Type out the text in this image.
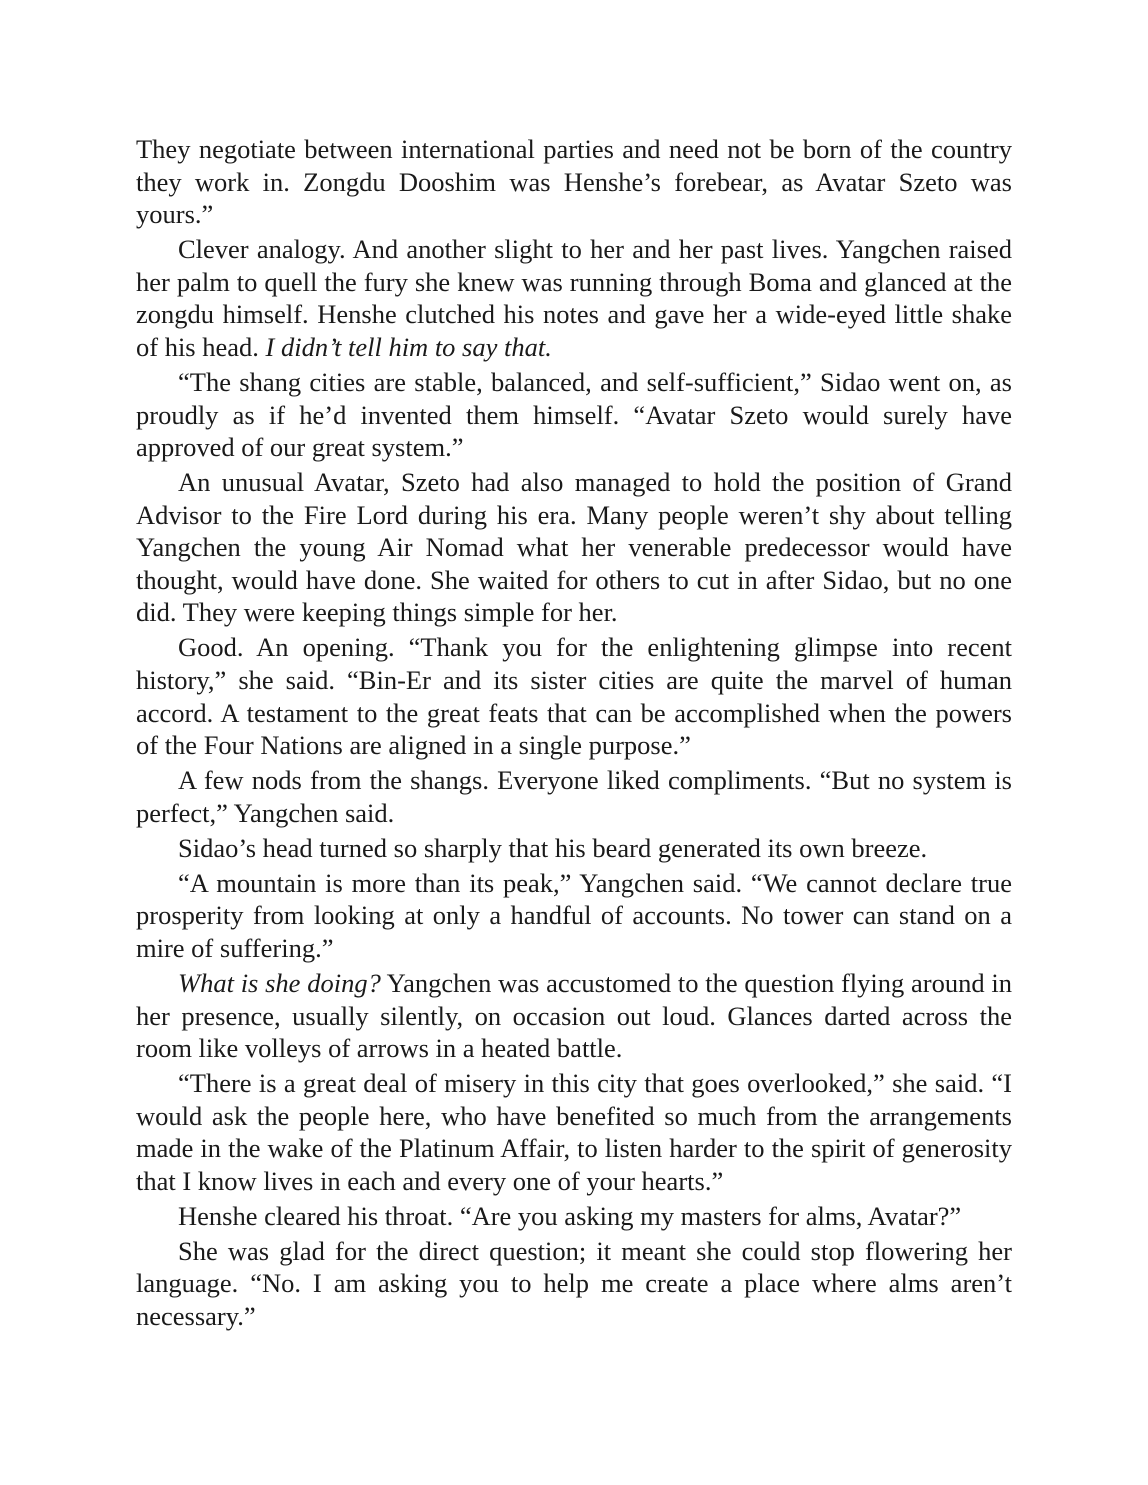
They negotiate between international parties and need not be born of the country they work in. Zongdu Dooshim was Henshe’s forebear, as Avatar Szeto was yours.”

Clever analogy. And another slight to her and her past lives. Yangchen raised her palm to quell the fury she knew was running through Boma and glanced at the zongdu himself. Henshe clutched his notes and gave her a wide-eyed little shake of his head. I didn’t tell him to say that.

“The shang cities are stable, balanced, and self-sufficient,” Sidao went on, as proudly as if he’d invented them himself. “Avatar Szeto would surely have approved of our great system.”

An unusual Avatar, Szeto had also managed to hold the position of Grand Advisor to the Fire Lord during his era. Many people weren’t shy about telling Yangchen the young Air Nomad what her venerable predecessor would have thought, would have done. She waited for others to cut in after Sidao, but no one did. They were keeping things simple for her.

Good. An opening. “Thank you for the enlightening glimpse into recent history,” she said. “Bin-Er and its sister cities are quite the marvel of human accord. A testament to the great feats that can be accomplished when the powers of the Four Nations are aligned in a single purpose.”

A few nods from the shangs. Everyone liked compliments. “But no system is perfect,” Yangchen said.

Sidao’s head turned so sharply that his beard generated its own breeze.

“A mountain is more than its peak,” Yangchen said. “We cannot declare true prosperity from looking at only a handful of accounts. No tower can stand on a mire of suffering.”

What is she doing? Yangchen was accustomed to the question flying around in her presence, usually silently, on occasion out loud. Glances darted across the room like volleys of arrows in a heated battle.

“There is a great deal of misery in this city that goes overlooked,” she said. “I would ask the people here, who have benefited so much from the arrangements made in the wake of the Platinum Affair, to listen harder to the spirit of generosity that I know lives in each and every one of your hearts.”

Henshe cleared his throat. “Are you asking my masters for alms, Avatar?”

She was glad for the direct question; it meant she could stop flowering her language. “No. I am asking you to help me create a place where alms aren’t necessary.”
